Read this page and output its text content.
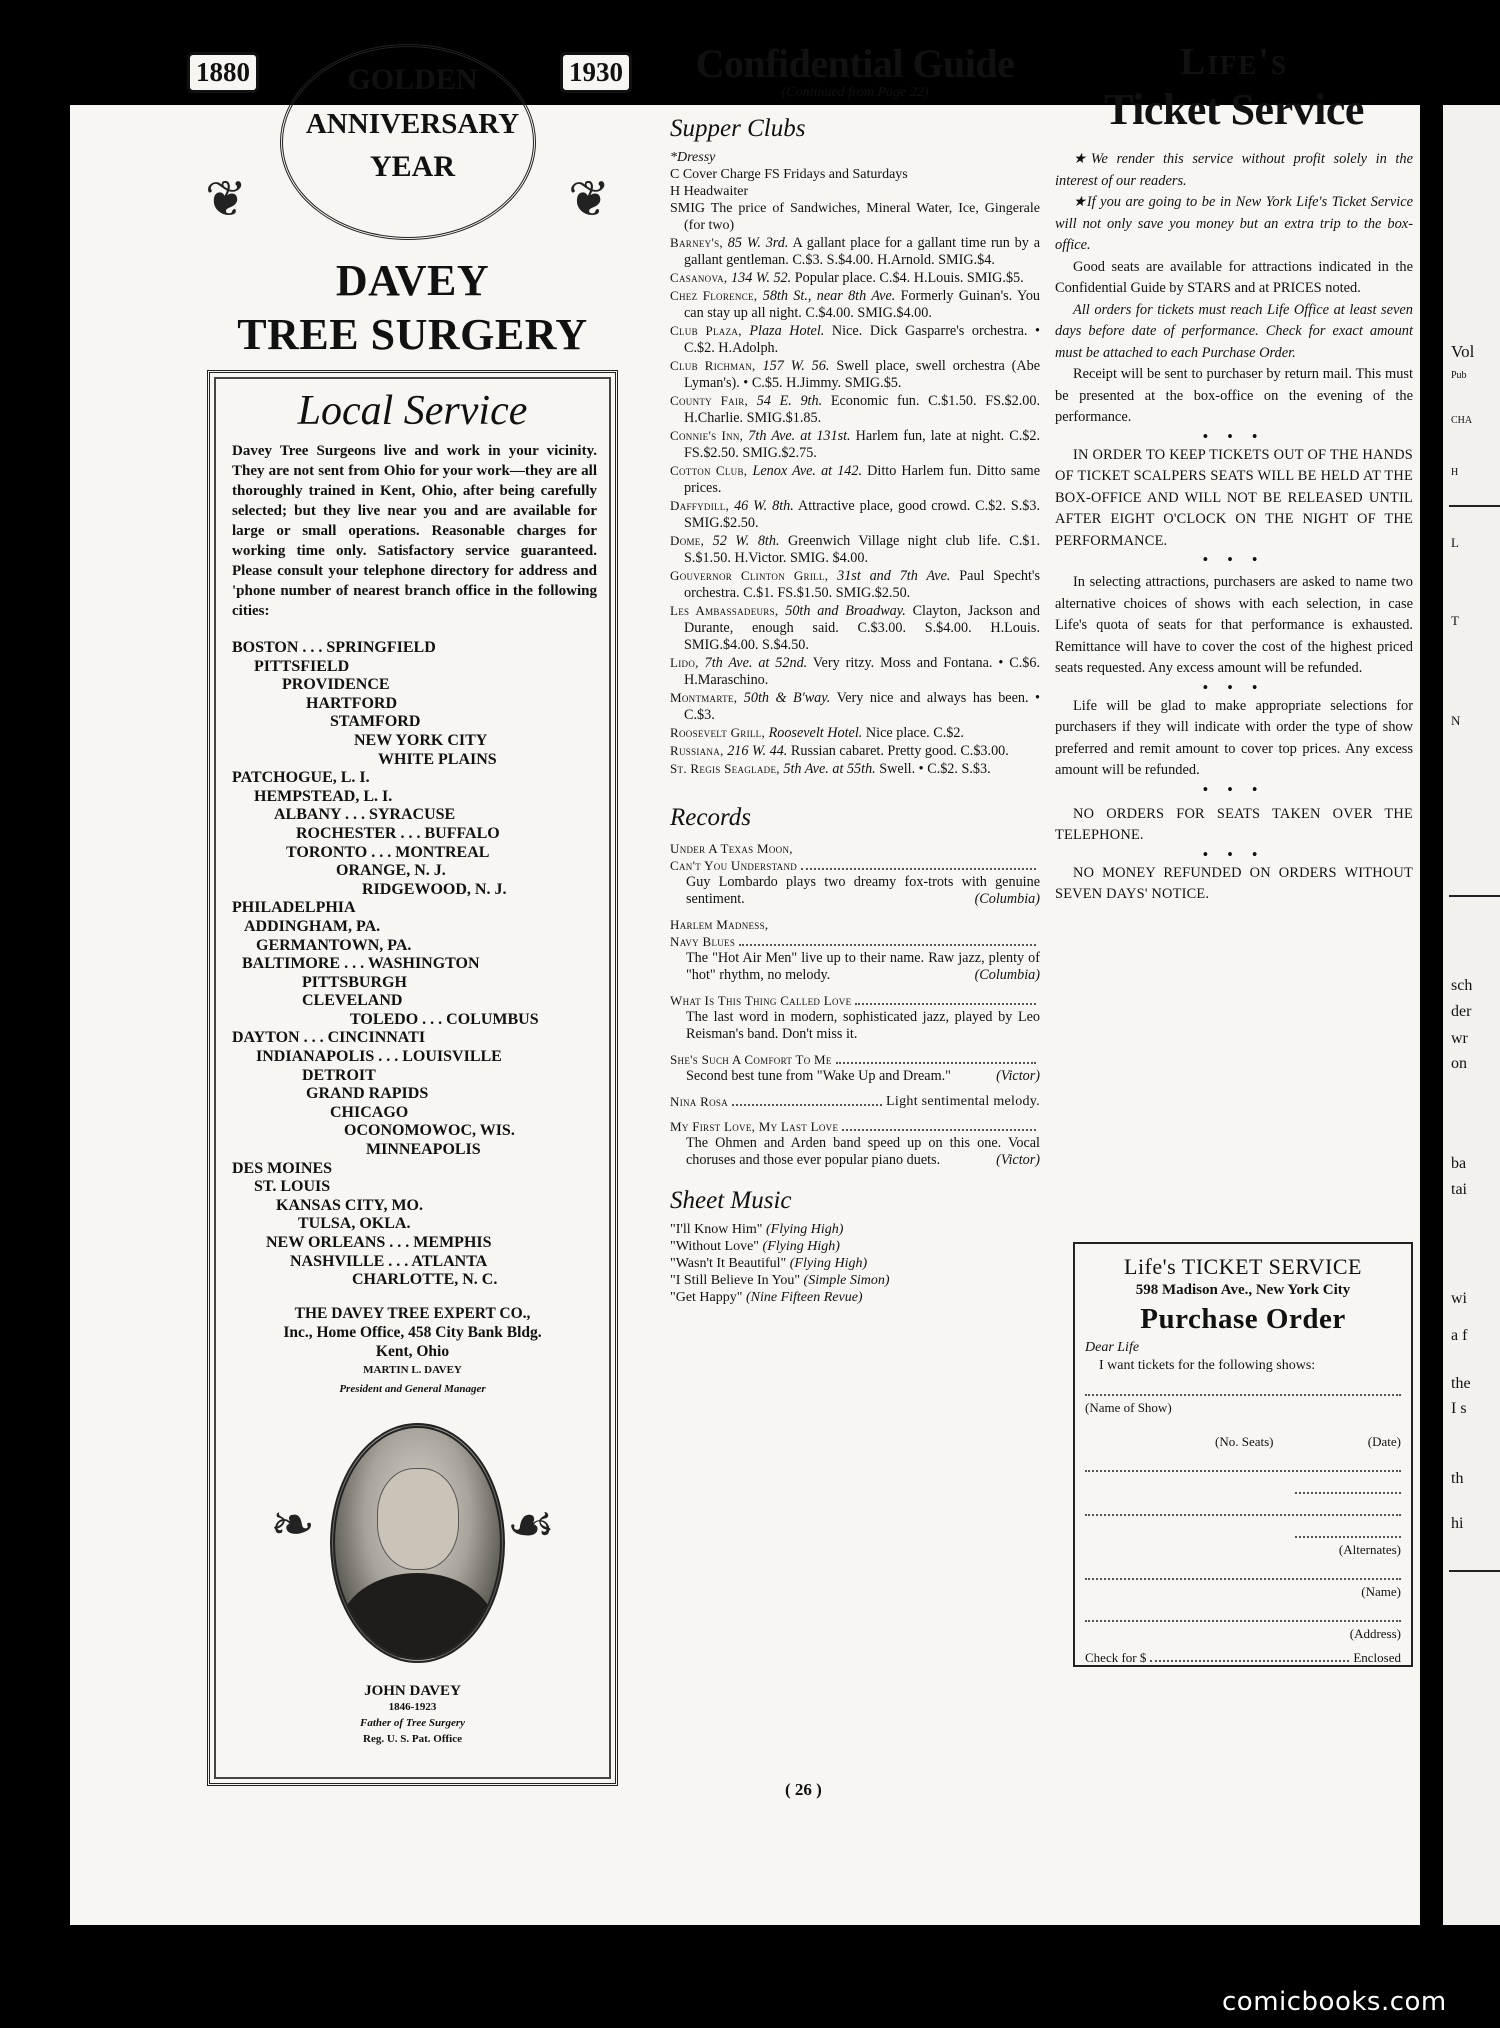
Vol
Pub
CHA
H
L
T
N
sch
der
wr
on
ba
tai
wi
a f
the
I s
th
hi
1880	1930
GOLDEN
ANNIVERSARY
YEAR
❦	❦
DAVEY
TREE SURGERY
Local Service
Davey Tree Surgeons live and work in your vicinity. They are not sent from Ohio for your work—they are all thoroughly trained in Kent, Ohio, after being carefully selected; but they live near you and are available for large or small operations. Reasonable charges for working time only. Satisfactory service guaranteed. Please consult your telephone directory for address and 'phone number of nearest branch office in the following cities:
BOSTON . . . SPRINGFIELD
PITTSFIELD
PROVIDENCE
HARTFORD
STAMFORD
NEW YORK CITY
WHITE PLAINS
PATCHOGUE, L. I.
HEMPSTEAD, L. I.
ALBANY . . . SYRACUSE
ROCHESTER . . . BUFFALO
TORONTO . . . MONTREAL
ORANGE, N. J.
RIDGEWOOD, N. J.
PHILADELPHIA
ADDINGHAM, PA.
GERMANTOWN, PA.
BALTIMORE . . . WASHINGTON
PITTSBURGH
CLEVELAND
TOLEDO . . . COLUMBUS
DAYTON . . . CINCINNATI
INDIANAPOLIS . . . LOUISVILLE
DETROIT
GRAND RAPIDS
CHICAGO
OCONOMOWOC, WIS.
MINNEAPOLIS
DES MOINES
ST. LOUIS
KANSAS CITY, MO.
TULSA, OKLA.
NEW ORLEANS . . . MEMPHIS
NASHVILLE . . . ATLANTA
CHARLOTTE, N. C.
THE DAVEY TREE EXPERT CO.,
Inc., Home Office, 458 City Bank Bldg.
Kent, Ohio
MARTIN L. DAVEY
President and General Manager
❧	☙
JOHN DAVEY
1846-1923
Father of Tree Surgery
Reg. U. S. Pat. Office
Confidential Guide
(Continued from Page 22)
Supper Clubs
*Dressy
C Cover Charge FS Fridays and Saturdays
H Headwaiter
SMIG The price of Sandwiches, Mineral Water, Ice, Gingerale (for two)
Barney's, 85 W. 3rd. A gallant place for a gallant time run by a gallant gentleman. C.$3. S.$4.00. H.Arnold. SMIG.$4.
Casanova, 134 W. 52. Popular place. C.$4. H.Louis. SMIG.$5.
Chez Florence, 58th St., near 8th Ave. Formerly Guinan's. You can stay up all night. C.$4.00. SMIG.$4.00.
Club Plaza, Plaza Hotel. Nice. Dick Gasparre's orchestra. • C.$2. H.Adolph.
Club Richman, 157 W. 56. Swell place, swell orchestra (Abe Lyman's). • C.$5. H.Jimmy. SMIG.$5.
County Fair, 54 E. 9th. Economic fun. C.$1.50. FS.$2.00. H.Charlie. SMIG.$1.85.
Connie's Inn, 7th Ave. at 131st. Harlem fun, late at night. C.$2. FS.$2.50. SMIG.$2.75.
Cotton Club, Lenox Ave. at 142. Ditto Harlem fun. Ditto same prices.
Daffydill, 46 W. 8th. Attractive place, good crowd. C.$2. S.$3. SMIG.$2.50.
Dome, 52 W. 8th. Greenwich Village night club life. C.$1. S.$1.50. H.Victor. SMIG. $4.00.
Gouvernor Clinton Grill, 31st and 7th Ave. Paul Specht's orchestra. C.$1. FS.$1.50. SMIG.$2.50.
Les Ambassadeurs, 50th and Broadway. Clayton, Jackson and Durante, enough said. C.$3.00. S.$4.00. H.Louis. SMIG.$4.00. S.$4.50.
Lido, 7th Ave. at 52nd. Very ritzy. Moss and Fontana. • C.$6. H.Maraschino.
Montmarte, 50th & B'way. Very nice and always has been. • C.$3.
Roosevelt Grill, Roosevelt Hotel. Nice place. C.$2.
Russiana, 216 W. 44. Russian cabaret. Pretty good. C.$3.00.
St. Regis Seaglade, 5th Ave. at 55th. Swell. • C.$2. S.$3.
Records
Under A Texas Moon,
Can't You Understand
Guy Lombardo plays two dreamy fox-trots with genuine sentiment.	(Columbia)
Harlem Madness,
Navy Blues
The "Hot Air Men" live up to their name. Raw jazz, plenty of "hot" rhythm, no melody.	(Columbia)
What Is This Thing Called Love
The last word in modern, sophisticated jazz, played by Leo Reisman's band. Don't miss it.
She's Such A Comfort To Me
Second best tune from "Wake Up and Dream."	(Victor)
Nina Rosa	Light sentimental melody.
My First Love, My Last Love
The Ohmen and Arden band speed up on this one. Vocal choruses and those ever popular piano duets.	(Victor)
Sheet Music
"I'll Know Him" (Flying High)
"Without Love" (Flying High)
"Wasn't It Beautiful" (Flying High)
"I Still Believe In You" (Simple Simon)
"Get Happy" (Nine Fifteen Revue)
( 26 )
Life's
Ticket Service
★We render this service without profit solely in the interest of our readers.
★If you are going to be in New York Life's Ticket Service will not only save you money but an extra trip to the box-office.
Good seats are available for attractions indicated in the Confidential Guide by STARS and at PRICES noted.
All orders for tickets must reach Life Office at least seven days before date of performance. Check for exact amount must be attached to each Purchase Order.
Receipt will be sent to purchaser by return mail. This must be presented at the box-office on the evening of the performance.
• • •
IN ORDER TO KEEP TICKETS OUT OF THE HANDS OF TICKET SCALPERS SEATS WILL BE HELD AT THE BOX-OFFICE AND WILL NOT BE RELEASED UNTIL AFTER EIGHT O'CLOCK ON THE NIGHT OF THE PERFORMANCE.
• • •
In selecting attractions, purchasers are asked to name two alternative choices of shows with each selection, in case Life's quota of seats for that performance is exhausted. Remittance will have to cover the cost of the highest priced seats requested. Any excess amount will be refunded.
• • •
Life will be glad to make appropriate selections for purchasers if they will indicate with order the type of show preferred and remit amount to cover top prices. Any excess amount will be refunded.
• • •
NO ORDERS FOR SEATS TAKEN OVER THE TELEPHONE.
• • •
NO MONEY REFUNDED ON ORDERS WITHOUT SEVEN DAYS' NOTICE.
Life's TICKET SERVICE
598 Madison Ave., New York City
Purchase Order
Dear Life
I want tickets for the following shows:
(Name of Show)
(No. Seats)	(Date)
(Alternates)
(Name)
(Address)
Check for $	Enclosed
comicbooks.com
